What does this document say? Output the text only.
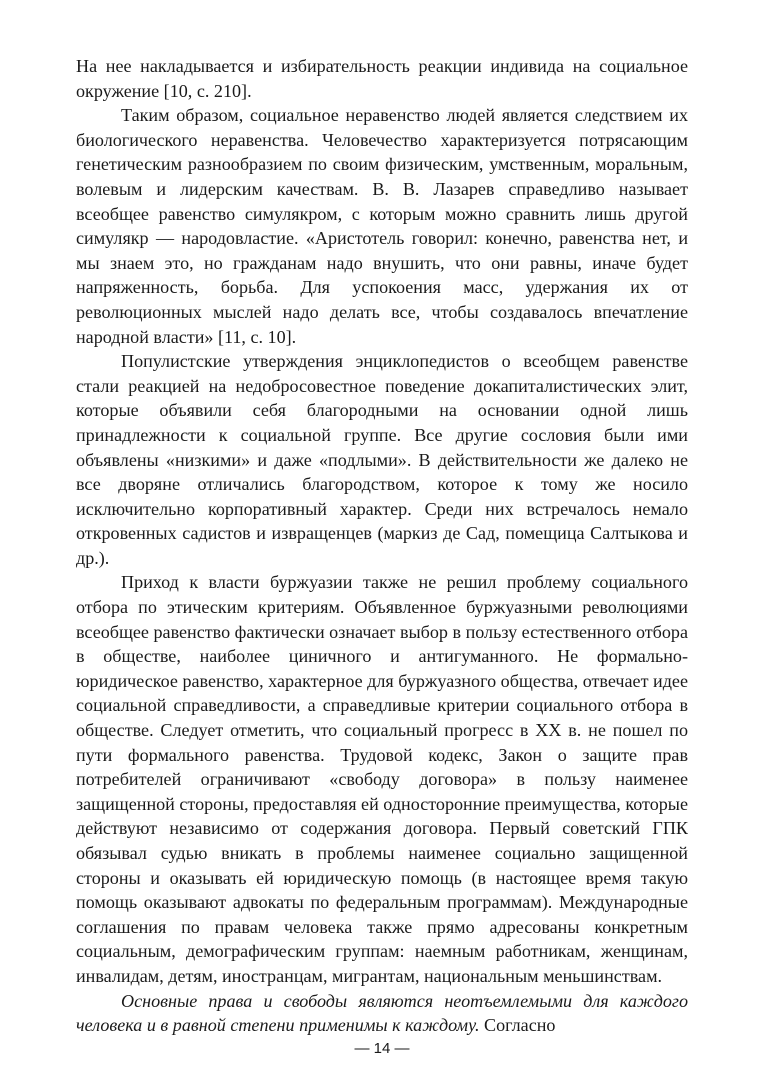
На нее накладывается и избирательность реакции индивида на социальное окружение [10, с. 210].

Таким образом, социальное неравенство людей является следствием их биологического неравенства. Человечество характеризуется потрясающим генетическим разнообразием по своим физическим, умственным, моральным, волевым и лидерским качествам. В. В. Лазарев справедливо называет всеобщее равенство симулякром, с которым можно сравнить лишь другой симулякр — народовластие. «Аристотель говорил: конечно, равенства нет, и мы знаем это, но гражданам надо внушить, что они равны, иначе будет напряженность, борьба. Для успокоения масс, удержания их от революционных мыслей надо делать все, чтобы создавалось впечатление народной власти» [11, с. 10].

Популистские утверждения энциклопедистов о всеобщем равенстве стали реакцией на недобросовестное поведение докапиталистических элит, которые объявили себя благородными на основании одной лишь принадлежности к социальной группе. Все другие сословия были ими объявлены «низкими» и даже «подлыми». В действительности же далеко не все дворяне отличались благородством, которое к тому же носило исключительно корпоративный характер. Среди них встречалось немало откровенных садистов и извращенцев (маркиз де Сад, помещица Салтыкова и др.).

Приход к власти буржуазии также не решил проблему социального отбора по этическим критериям. Объявленное буржуазными революциями всеобщее равенство фактически означает выбор в пользу естественного отбора в обществе, наиболее циничного и антигуманного. Не формально-юридическое равенство, характерное для буржуазного общества, отвечает идее социальной справедливости, а справедливые критерии социального отбора в обществе. Следует отметить, что социальный прогресс в XX в. не пошел по пути формального равенства. Трудовой кодекс, Закон о защите прав потребителей ограничивают «свободу договора» в пользу наименее защищенной стороны, предоставляя ей односторонние преимущества, которые действуют независимо от содержания договора. Первый советский ГПК обязывал судью вникать в проблемы наименее социально защищенной стороны и оказывать ей юридическую помощь (в настоящее время такую помощь оказывают адвокаты по федеральным программам). Международные соглашения по правам человека также прямо адресованы конкретным социальным, демографическим группам: наемным работникам, женщинам, инвалидам, детям, иностранцам, мигрантам, национальным меньшинствам.

Основные права и свободы являются неотъемлемыми для каждого человека и в равной степени применимы к каждому. Согласно

— 14 —
